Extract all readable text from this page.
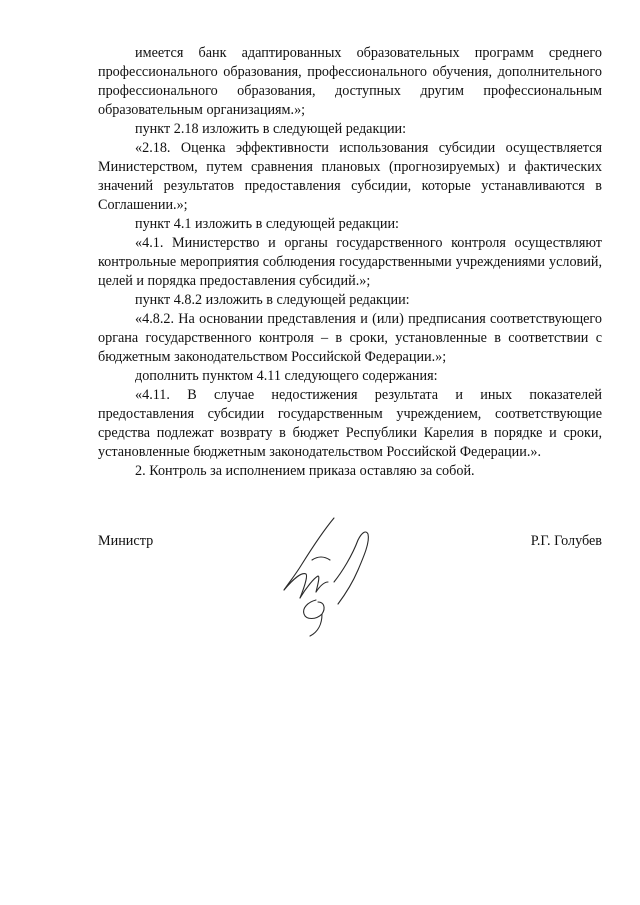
имеется банк адаптированных образовательных программ среднего профессионального образования, профессионального обучения, дополнительного профессионального образования, доступных другим профессиональным образовательным организациям.»;

пункт 2.18 изложить в следующей редакции:

«2.18. Оценка эффективности использования субсидии осуществляется Министерством, путем сравнения плановых (прогнозируемых) и фактических значений результатов предоставления субсидии, которые устанавливаются в Соглашении.»;

пункт 4.1 изложить в следующей редакции:

«4.1. Министерство и органы государственного контроля осуществляют контрольные мероприятия соблюдения государственными учреждениями условий, целей и порядка предоставления субсидий.»;

пункт 4.8.2 изложить в следующей редакции:

«4.8.2. На основании представления и (или) предписания соответствующего органа государственного контроля – в сроки, установленные в соответствии с бюджетным законодательством Российской Федерации.»;

дополнить пунктом 4.11 следующего содержания:

«4.11. В случае недостижения результата и иных показателей предоставления субсидии государственным учреждением, соответствующие средства подлежат возврату в бюджет Республики Карелия в порядке и сроки, установленные бюджетным законодательством Российской Федерации.».

2. Контроль за исполнением приказа оставляю за собой.

Министр	Р.Г. Голубев
